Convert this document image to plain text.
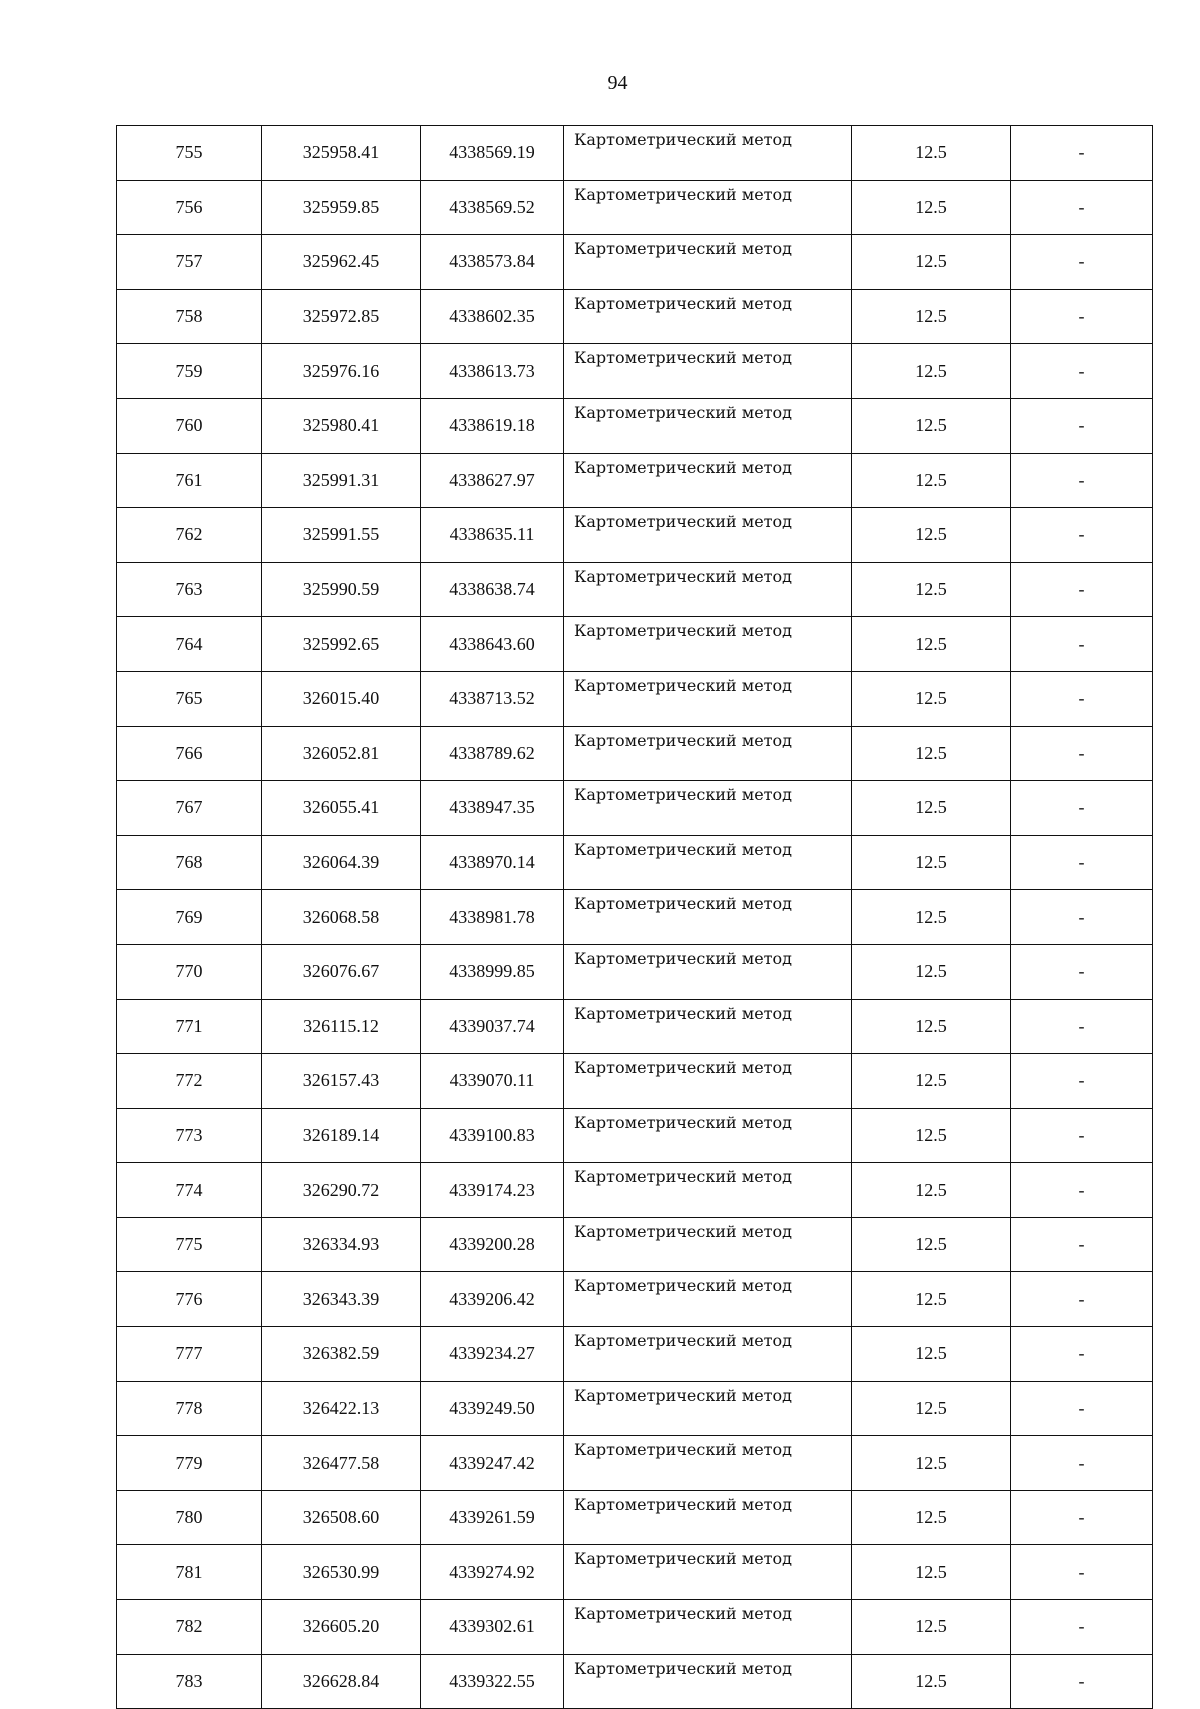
94
755	325958.41	4338569.19	Картометрический метод	12.5	-
756	325959.85	4338569.52	Картометрический метод	12.5	-
757	325962.45	4338573.84	Картометрический метод	12.5	-
758	325972.85	4338602.35	Картометрический метод	12.5	-
759	325976.16	4338613.73	Картометрический метод	12.5	-
760	325980.41	4338619.18	Картометрический метод	12.5	-
761	325991.31	4338627.97	Картометрический метод	12.5	-
762	325991.55	4338635.11	Картометрический метод	12.5	-
763	325990.59	4338638.74	Картометрический метод	12.5	-
764	325992.65	4338643.60	Картометрический метод	12.5	-
765	326015.40	4338713.52	Картометрический метод	12.5	-
766	326052.81	4338789.62	Картометрический метод	12.5	-
767	326055.41	4338947.35	Картометрический метод	12.5	-
768	326064.39	4338970.14	Картометрический метод	12.5	-
769	326068.58	4338981.78	Картометрический метод	12.5	-
770	326076.67	4338999.85	Картометрический метод	12.5	-
771	326115.12	4339037.74	Картометрический метод	12.5	-
772	326157.43	4339070.11	Картометрический метод	12.5	-
773	326189.14	4339100.83	Картометрический метод	12.5	-
774	326290.72	4339174.23	Картометрический метод	12.5	-
775	326334.93	4339200.28	Картометрический метод	12.5	-
776	326343.39	4339206.42	Картометрический метод	12.5	-
777	326382.59	4339234.27	Картометрический метод	12.5	-
778	326422.13	4339249.50	Картометрический метод	12.5	-
779	326477.58	4339247.42	Картометрический метод	12.5	-
780	326508.60	4339261.59	Картометрический метод	12.5	-
781	326530.99	4339274.92	Картометрический метод	12.5	-
782	326605.20	4339302.61	Картометрический метод	12.5	-
783	326628.84	4339322.55	Картометрический метод	12.5	-
